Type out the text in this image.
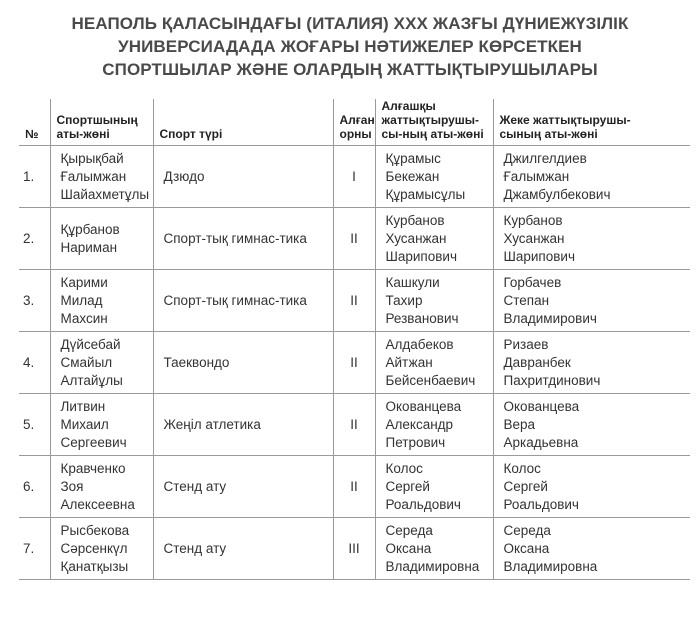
НЕАПОЛЬ ҚАЛАСЫНДАҒЫ (ИТАЛИЯ) XXX ЖАЗҒЫ ДҮНИЕЖҮЗІЛІК
УНИВЕРСИАДАДА ЖОҒАРЫ НӘТИЖЕЛЕР КӨРСЕТКЕН
СПОРТШЫЛАР ЖӘНЕ ОЛАРДЫҢ ЖАТТЫҚТЫРУШЫЛАРЫ
№	Спортшының
аты-жөні	Спорт түрі	Алған
орны	Алғашқы
жаттықтырушы-
сы-ның аты-жөні	Жеке жаттықтырушы-
сының аты-жөні
1.	Қырықбай
Ғалымжан
Шайахметұлы	Дзюдо	I	Құрамыс
Бекежан
Құрамысұлы	Джилгелдиев
Ғалымжан
Джамбулбекович
2.	Құрбанов
Нариман	Спорт-тық гимнас-тика	II	Курбанов
Хусанжан
Шарипович	Курбанов
Хусанжан
Шарипович
3.	Карими
Милад
Махсин	Спорт-тық гимнас-тика	II	Кашкули
Тахир
Резванович	Горбачев
Степан
Владимирович
4.	Дүйсебай
Смайыл
Алтайұлы	Таеквондо	II	Алдабеков
Айтжан
Бейсенбаевич	Ризаев
Давранбек
Пахритдинович
5.	Литвин
Михаил
Сергеевич	Жеңіл атлетика	II	Окованцева
Александр
Петрович	Окованцева
Вера
Аркадьевна
6.	Кравченко
Зоя
Алексеевна	Стенд ату	II	Колос
Сергей
Роальдович	Колос
Сергей
Роальдович
7.	Рысбекова
Сәрсенкүл
Қанатқызы	Стенд ату	III	Середа
Оксана
Владимировна	Середа
Оксана
Владимировна
